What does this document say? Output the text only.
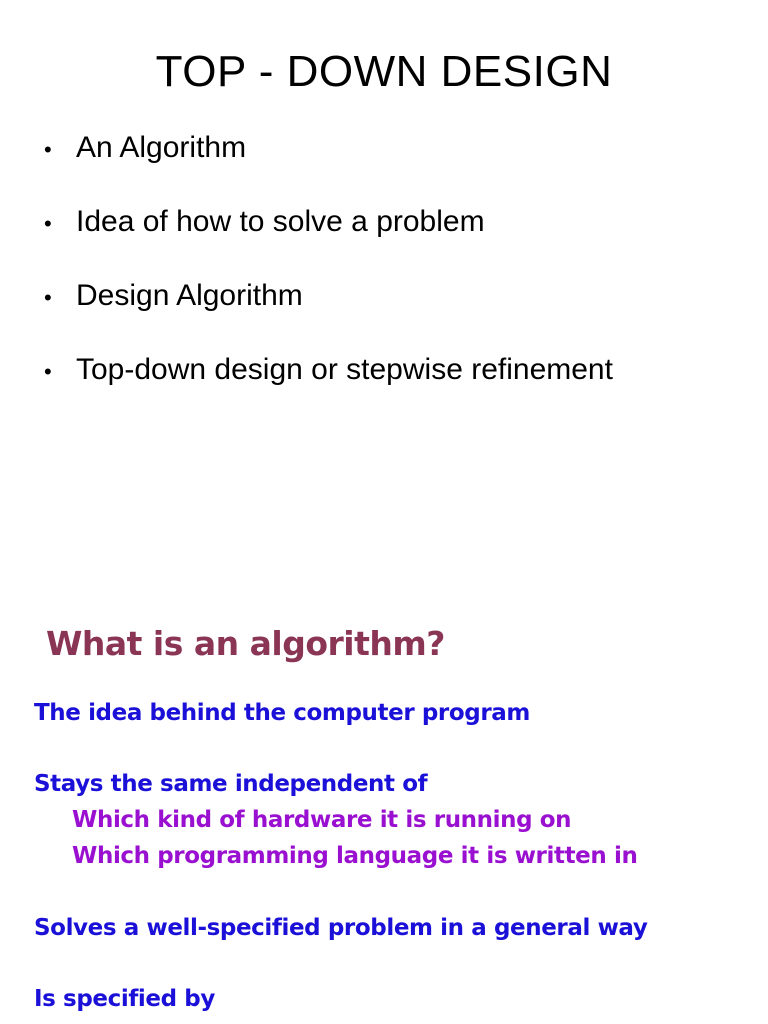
TOP - DOWN DESIGN
• An Algorithm
• Idea of how to solve a problem
• Design Algorithm
• Top-down design or stepwise refinement
What is an algorithm?
The idea behind the computer program
Stays the same independent of
Which kind of hardware it is running on
Which programming language it is written in
Solves a well-specified problem in a general way
Is specified by
